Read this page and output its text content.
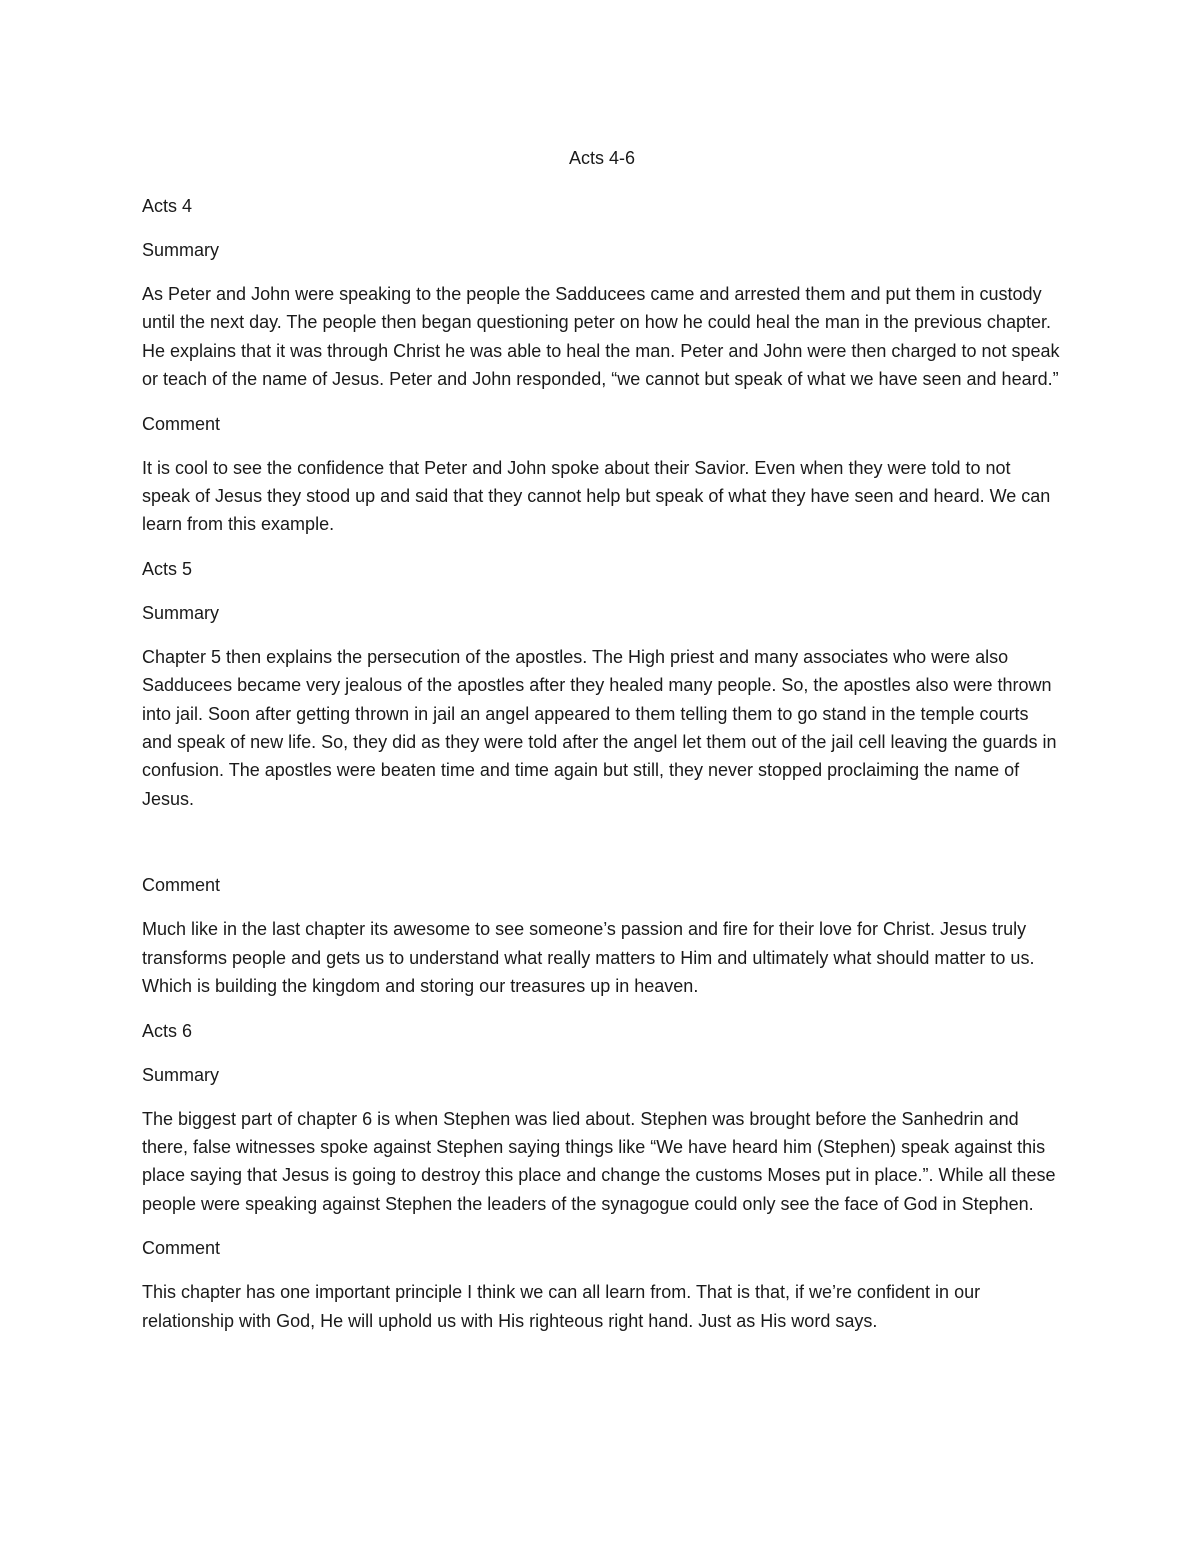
Acts 4-6

Acts 4

Summary

As Peter and John were speaking to the people the Sadducees came and arrested them and put them in custody until the next day. The people then began questioning peter on how he could heal the man in the previous chapter. He explains that it was through Christ he was able to heal the man. Peter and John were then charged to not speak or teach of the name of Jesus. Peter and John responded, “we cannot but speak of what we have seen and heard.”

Comment

It is cool to see the confidence that Peter and John spoke about their Savior. Even when they were told to not speak of Jesus they stood up and said that they cannot help but speak of what they have seen and heard. We can learn from this example.

Acts 5

Summary

Chapter 5 then explains the persecution of the apostles. The High priest and many associates who were also Sadducees became very jealous of the apostles after they healed many people. So, the apostles also were thrown into jail. Soon after getting thrown in jail an angel appeared to them telling them to go stand in the temple courts and speak of new life. So, they did as they were told after the angel let them out of the jail cell leaving the guards in confusion. The apostles were beaten time and time again but still, they never stopped proclaiming the name of Jesus.

Comment

Much like in the last chapter its awesome to see someone’s passion and fire for their love for Christ. Jesus truly transforms people and gets us to understand what really matters to Him and ultimately what should matter to us. Which is building the kingdom and storing our treasures up in heaven.

Acts 6

Summary

The biggest part of chapter 6 is when Stephen was lied about. Stephen was brought before the Sanhedrin and there, false witnesses spoke against Stephen saying things like “We have heard him (Stephen) speak against this place saying that Jesus is going to destroy this place and change the customs Moses put in place.”. While all these people were speaking against Stephen the leaders of the synagogue could only see the face of God in Stephen.

Comment

This chapter has one important principle I think we can all learn from. That is that, if we’re confident in our relationship with God, He will uphold us with His righteous right hand. Just as His word says.
